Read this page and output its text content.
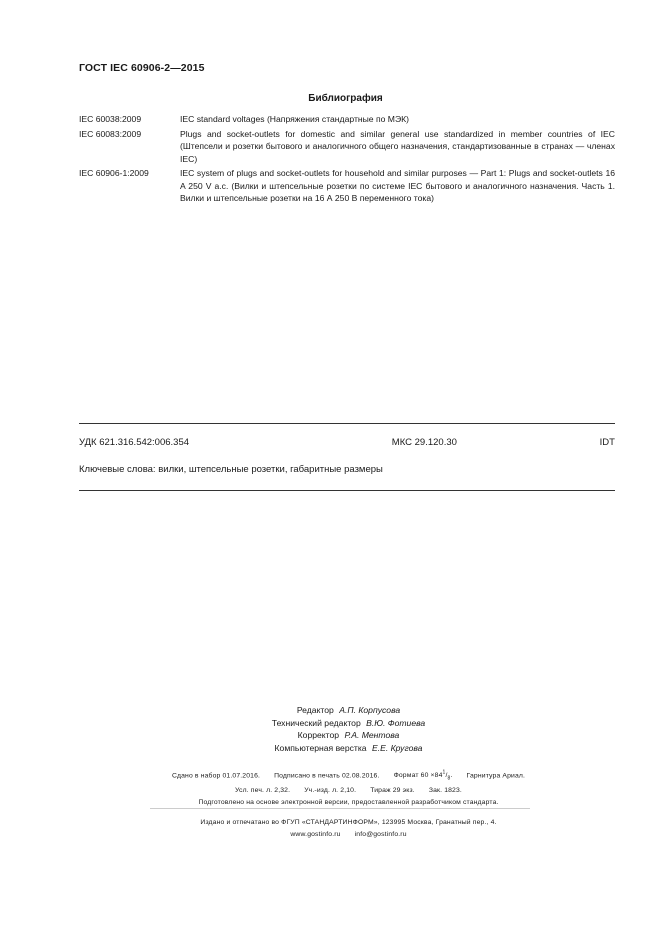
ГОСТ IEC 60906-2—2015
Библиография
IEC 60038:2009	IEC standard voltages (Напряжения стандартные по МЭК)
IEC 60083:2009	Plugs and socket-outlets for domestic and similar general use standardized in member countries of IEC (Штепсели и розетки бытового и аналогичного общего назначения, стандартизованные в странах — членах IEC)
IEC 60906-1:2009	IEC system of plugs and socket-outlets for household and similar purposes — Part 1: Plugs and socket-outlets 16 A 250 V a.c. (Вилки и штепсельные розетки по системе IEC бытового и аналогичного назначения. Часть 1. Вилки и штепсельные розетки на 16 А 250 В переменного тока)
УДК 621.316.542:006.354	МКС 29.120.30	IDT
Ключевые слова: вилки, штепсельные розетки, габаритные размеры
Редактор А.П. Корпусова
Технический редактор В.Ю. Фотиева
Корректор Р.А. Ментова
Компьютерная верстка Е.Е. Кругова
Сдано в набор 01.07.2016. Подписано в печать 02.08.2016. Формат $60 \times 84^1/_8$. Гарнитура Ариал.
Усл. печ. л. 2,32. Уч.-изд. л. 2,10. Тираж 29 экз. Зак. 1823.
Подготовлено на основе электронной версии, предоставленной разработчиком стандарта.
Издано и отпечатано во ФГУП «СТАНДАРТИНФОРМ», 123995 Москва, Гранатный пер., 4.
www.gostinfo.ru info@gostinfo.ru
